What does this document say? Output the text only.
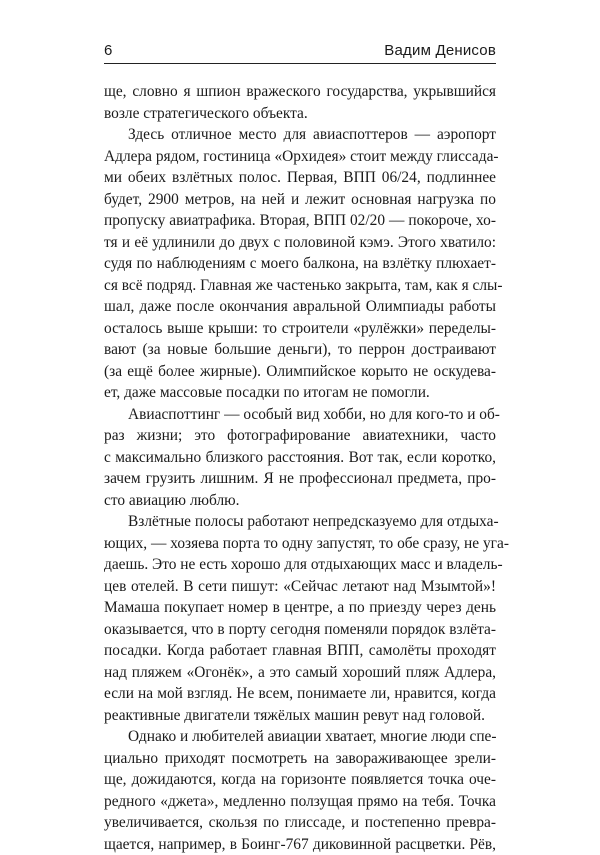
6	Вадим Денисов
ще, словно я шпион вражеского государства, укрывшийся
возле стратегического объекта.
Здесь отличное место для авиаспоттеров — аэропорт
Адлера рядом, гостиница «Орхидея» стоит между глиссада-
ми обеих взлётных полос. Первая, ВПП 06/24, подлиннее
будет, 2900 метров, на ней и лежит основная нагрузка по
пропуску авиатрафика. Вторая, ВПП 02/20 — покороче, хо-
тя и её удлинили до двух с половиной кэмэ. Этого хватило:
судя по наблюдениям с моего балкона, на взлётку плюхает-
ся всё подряд. Главная же частенько закрыта, там, как я слы-
шал, даже после окончания авральной Олимпиады работы
осталось выше крыши: то строители «рулёжки» переделы-
вают (за новые большие деньги), то перрон достраивают
(за ещё более жирные). Олимпийское корыто не оскудева-
ет, даже массовые посадки по итогам не помогли.
Авиаспоттинг — особый вид хобби, но для кого-то и об-
раз жизни; это фотографирование авиатехники, часто
с максимально близкого расстояния. Вот так, если коротко,
зачем грузить лишним. Я не профессионал предмета, про-
сто авиацию люблю.
Взлётные полосы работают непредсказуемо для отдыха-
ющих, — хозяева порта то одну запустят, то обе сразу, не уга-
даешь. Это не есть хорошо для отдыхающих масс и владель-
цев отелей. В сети пишут: «Сейчас летают над Мзымтой»!
Мамаша покупает номер в центре, а по приезду через день
оказывается, что в порту сегодня поменяли порядок взлёта-
посадки. Когда работает главная ВПП, самолёты проходят
над пляжем «Огонёк», а это самый хороший пляж Адлера,
если на мой взгляд. Не всем, понимаете ли, нравится, когда
реактивные двигатели тяжёлых машин ревут над головой.
Однако и любителей авиации хватает, многие люди спе-
циально приходят посмотреть на завораживающее зрели-
ще, дожидаются, когда на горизонте появляется точка оче-
редного «джета», медленно ползущая прямо на тебя. Точка
увеличивается, скользя по глиссаде, и постепенно превра-
щается, например, в Боинг-767 диковинной расцветки. Рёв,
